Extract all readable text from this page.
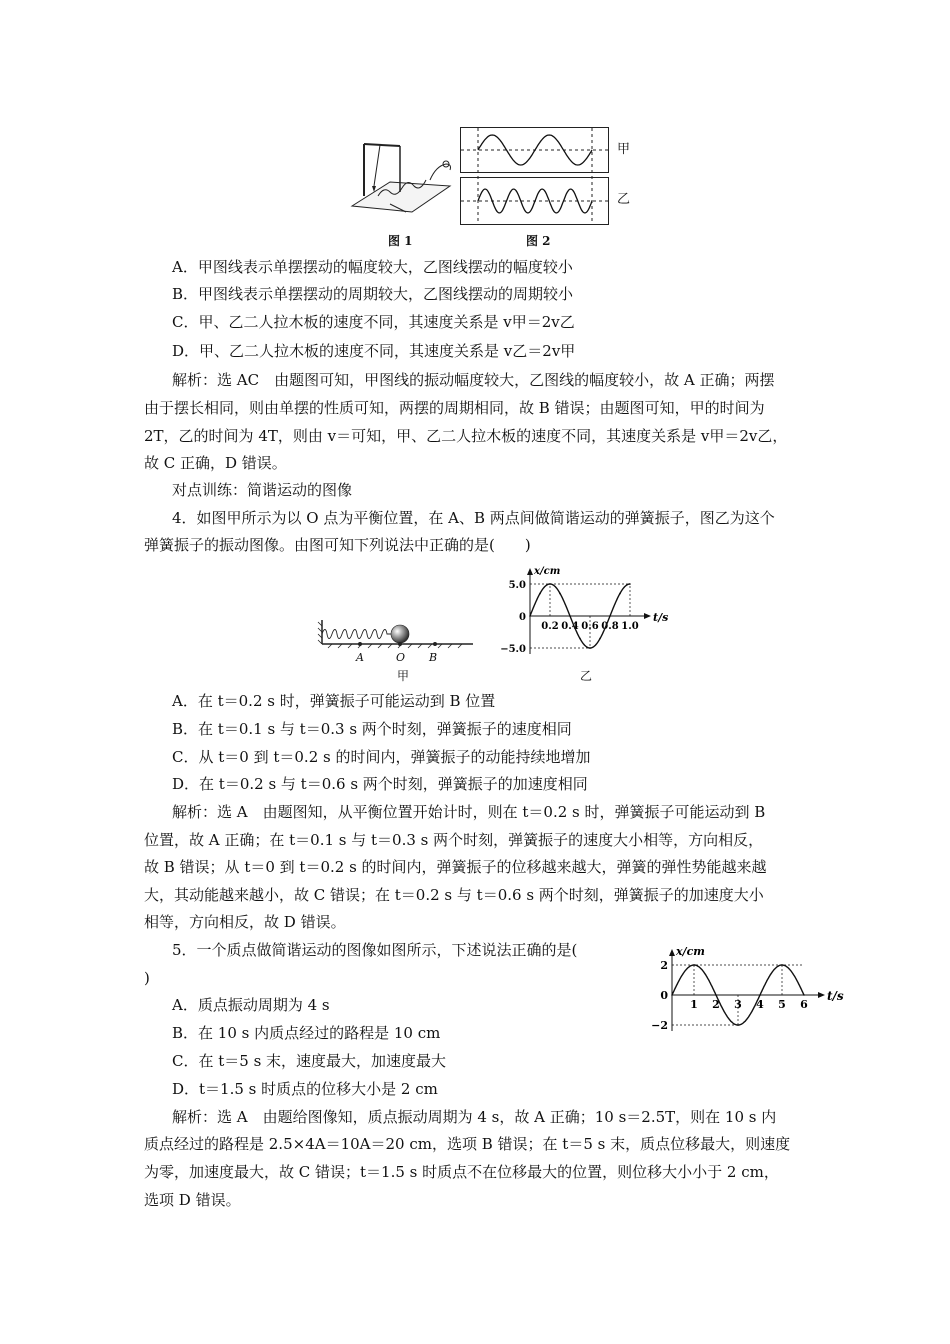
图 1
甲
乙
图 2
A．甲图线表示单摆摆动的幅度较大，乙图线摆动的幅度较小
B．甲图线表示单摆摆动的周期较大，乙图线摆动的周期较小
C．甲、乙二人拉木板的速度不同，其速度关系是 v甲＝2v乙
D．甲、乙二人拉木板的速度不同，其速度关系是 v乙＝2v甲
解析：选 AC　由题图可知，甲图线的振动幅度较大，乙图线的幅度较小，故 A 正确；两摆
由于摆长相同，则由单摆的性质可知，两摆的周期相同，故 B 错误；由题图可知，甲的时间为
2T，乙的时间为 4T，则由 v＝可知，甲、乙二人拉木板的速度不同，其速度关系是 v甲＝2v乙，
故 C 正确，D 错误。
对点训练：简谐运动的图像
4．如图甲所示为以 O 点为平衡位置，在 A、B 两点间做简谐运动的弹簧振子，图乙为这个
弹簧振子的振动图像。由图可知下列说法中正确的是(　　)
A	O B
甲
0.2 0.4 0.6 0.8 1.0
5.0
0
−5.0
x/cm
t/s
乙
A．在 t＝0.2 s 时，弹簧振子可能运动到 B 位置
B．在 t＝0.1 s 与 t＝0.3 s 两个时刻，弹簧振子的速度相同
C．从 t＝0 到 t＝0.2 s 的时间内，弹簧振子的动能持续地增加
D．在 t＝0.2 s 与 t＝0.6 s 两个时刻，弹簧振子的加速度相同
解析：选 A　由题图知，从平衡位置开始计时，则在 t＝0.2 s 时，弹簧振子可能运动到 B
位置，故 A 正确；在 t＝0.1 s 与 t＝0.3 s 两个时刻，弹簧振子的速度大小相等，方向相反，
故 B 错误；从 t＝0 到 t＝0.2 s 的时间内，弹簧振子的位移越来越大，弹簧的弹性势能越来越
大，其动能越来越小，故 C 错误；在 t＝0.2 s 与 t＝0.6 s 两个时刻，弹簧振子的加速度大小
相等，方向相反，故 D 错误。
5．一个质点做简谐运动的图像如图所示，下述说法正确的是(
)
1 2 3 4 5 6
2
0
−2
x/cm
t/s
A．质点振动周期为 4 s
B．在 10 s 内质点经过的路程是 10 cm
C．在 t＝5 s 末，速度最大，加速度最大
D．t＝1.5 s 时质点的位移大小是 2 cm
解析：选 A　由题给图像知，质点振动周期为 4 s，故 A 正确；10 s＝2.5T，则在 10 s 内
质点经过的路程是 2.5×4A＝10A＝20 cm，选项 B 错误；在 t＝5 s 末，质点位移最大，则速度
为零，加速度最大，故 C 错误；t＝1.5 s 时质点不在位移最大的位置，则位移大小小于 2 cm，
选项 D 错误。
